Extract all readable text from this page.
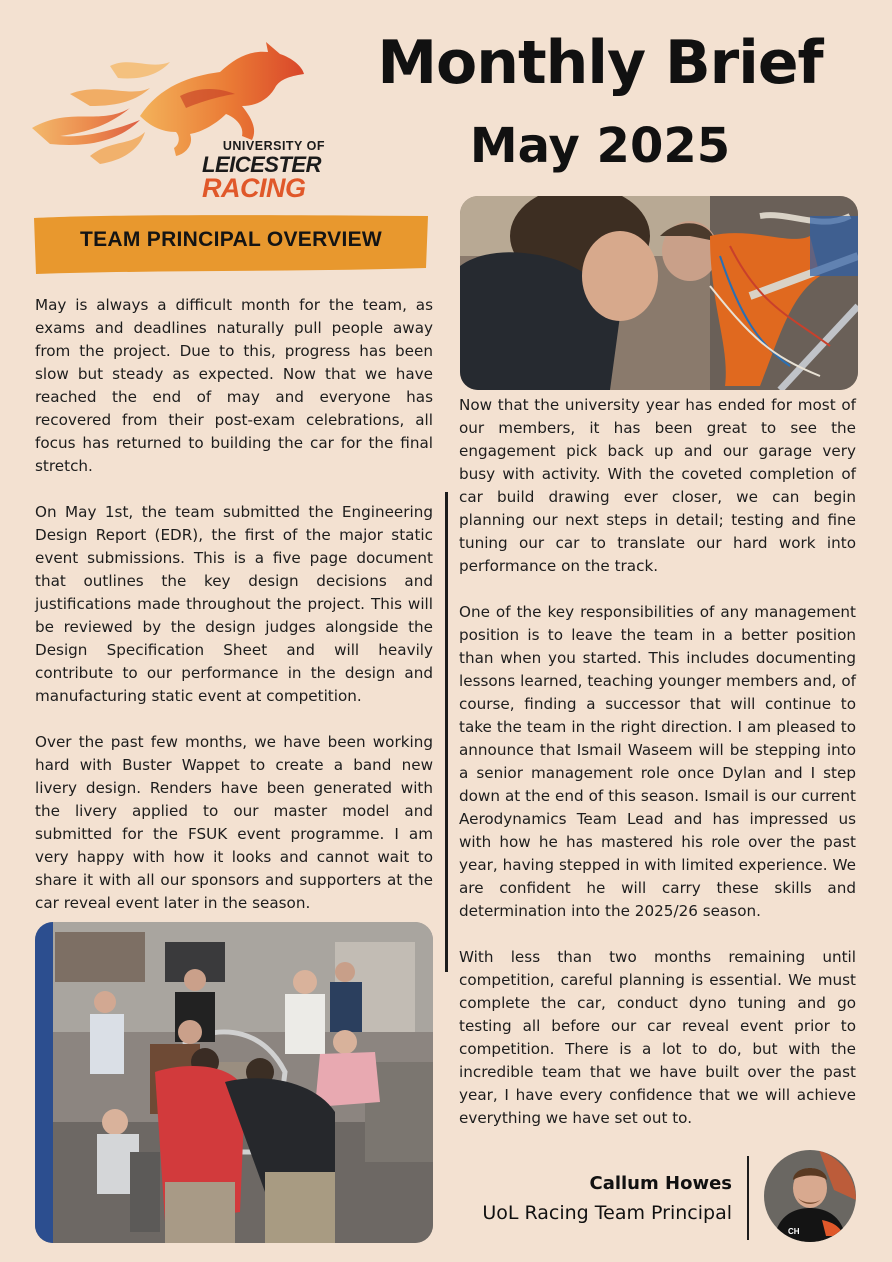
UNIVERSITY OF
LEICESTER
RACING
Monthly Brief
May 2025
TEAM PRINCIPAL OVERVIEW

May is always a difficult month for the team, as exams and deadlines naturally pull people away from the project. Due to this, progress has been slow but steady as expected. Now that we have reached the end of may and everyone has recovered from their post-exam celebrations, all focus has returned to building the car for the final stretch.

On May 1st, the team submitted the Engineering Design Report (EDR), the first of the major static event submissions. This is a five page document that outlines the key design decisions and justifications made throughout the project. This will be reviewed by the design judges alongside the Design Specification Sheet and will heavily contribute to our performance in the design and manufacturing static event at competition.

Over the past few months, we have been working hard with Buster Wappet to create a band new livery design. Renders have been generated with the livery applied to our master model and submitted for the FSUK event programme. I am very happy with how it looks and cannot wait to share it with all our sponsors and supporters at the car reveal event later in the season.

Now that the university year has ended for most of our members, it has been great to see the engagement pick back up and our garage very busy with activity. With the coveted completion of car build drawing ever closer, we can begin planning our next steps in detail; testing and fine tuning our car to translate our hard work into performance on the track.

One of the key responsibilities of any management position is to leave the team in a better position than when you started. This includes documenting lessons learned, teaching younger members and, of course, finding a successor that will continue to take the team in the right direction. I am pleased to announce that Ismail Waseem will be stepping into a senior management role once Dylan and I step down at the end of this season. Ismail is our current Aerodynamics Team Lead and has impressed us with how he has mastered his role over the past year, having stepped in with limited experience. We are confident he will carry these skills and determination into the 2025/26 season.

With less than two months remaining until competition, careful planning is essential. We must complete the car, conduct dyno tuning and go testing all before our car reveal event prior to competition. There is a lot to do, but with the incredible team that we have built over the past year, I have every confidence that we will achieve everything we have set out to.

Callum Howes
UoL Racing Team Principal
CH
